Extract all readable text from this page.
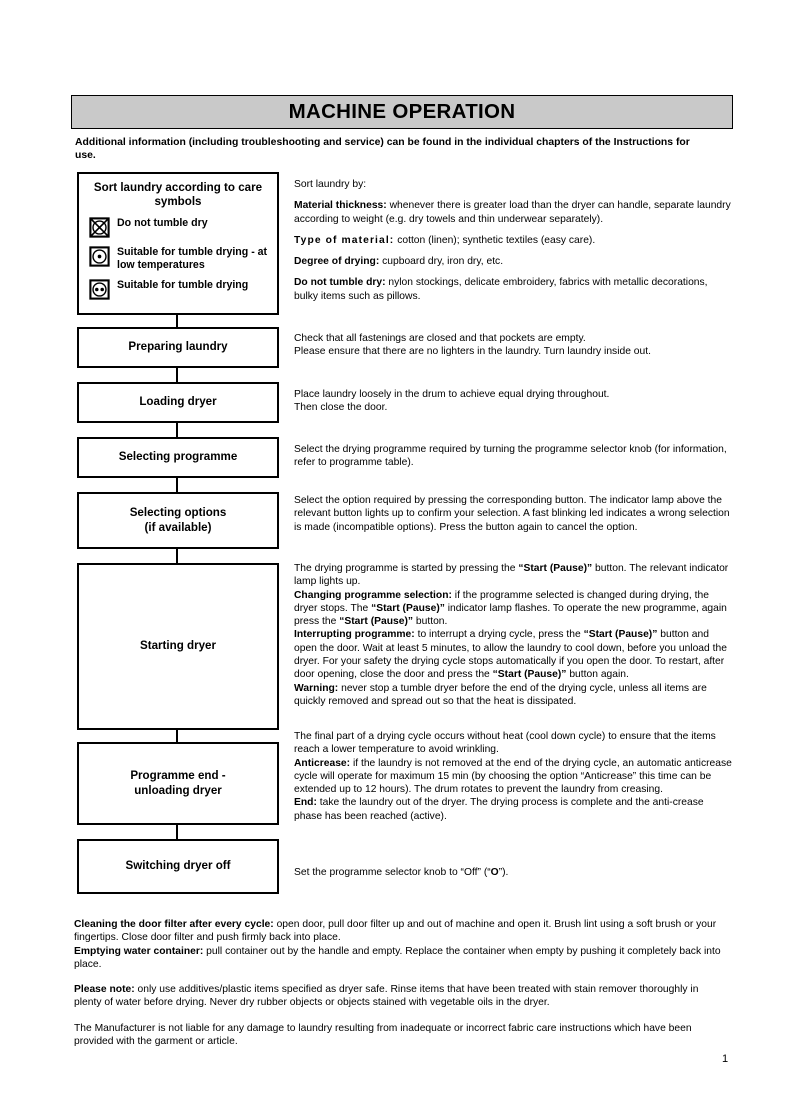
MACHINE OPERATION
Additional information (including troubleshooting and service) can be found in the individual chapters of the Instructions for use.
Sort laundry according to care symbols
Do not tumble dry
Suitable for tumble drying - at low temperatures
Suitable for tumble drying
Preparing laundry
Loading dryer
Selecting programme
Selecting options
(if available)
Starting dryer
Programme end -
unloading dryer
Switching dryer off

Sort laundry by:

Material thickness: whenever there is greater load than the dryer can handle, separate laundry according to weight (e.g. dry towels and thin underwear separately).

Type of material: cotton (linen); synthetic textiles (easy care).

Degree of drying: cupboard dry, iron dry, etc.

Do not tumble dry: nylon stockings, delicate embroidery, fabrics with metallic decorations, bulky items such as pillows.

Check that all fastenings are closed and that pockets are empty.

Please ensure that there are no lighters in the laundry. Turn laundry inside out.

Place laundry loosely in the drum to achieve equal drying throughout.

Then close the door.

Select the drying programme required by turning the programme selector knob (for information, refer to programme table).

Select the option required by pressing the corresponding button. The indicator lamp above the relevant button lights up to confirm your selection. A fast blinking led indicates a wrong selection is made (incompatible options). Press the button again to cancel the option.

The drying programme is started by pressing the “Start (Pause)” button. The relevant indicator lamp lights up.

Changing programme selection: if the programme selected is changed during drying, the dryer stops. The “Start (Pause)” indicator lamp flashes. To operate the new programme, again press the “Start (Pause)” button.

Interrupting programme: to interrupt a drying cycle, press the “Start (Pause)” button and open the door. Wait at least 5 minutes, to allow the laundry to cool down, before you unload the dryer. For your safety the drying cycle stops automatically if you open the door. To restart, after door opening, close the door and press the “Start (Pause)” button again.

Warning: never stop a tumble dryer before the end of the drying cycle, unless all items are quickly removed and spread out so that the heat is dissipated.

The final part of a drying cycle occurs without heat (cool down cycle) to ensure that the items reach a lower temperature to avoid wrinkling.

Anticrease: if the laundry is not removed at the end of the drying cycle, an automatic anticrease cycle will operate for maximum 15 min (by choosing the option “Anticrease” this time can be extended up to 12 hours). The drum rotates to prevent the laundry from creasing.

End: take the laundry out of the dryer. The drying process is complete and the anti-crease phase has been reached (active).

Set the programme selector knob to “Off” (“O”).

Cleaning the door filter after every cycle: open door, pull door filter up and out of machine and open it. Brush lint using a soft brush or your fingertips. Close door filter and push firmly back into place.

Emptying water container: pull container out by the handle and empty. Replace the container when empty by pushing it completely back into place.

Please note: only use additives/plastic items specified as dryer safe. Rinse items that have been treated with stain remover thoroughly in plenty of water before drying. Never dry rubber objects or objects stained with vegetable oils in the dryer.

The Manufacturer is not liable for any damage to laundry resulting from inadequate or incorrect fabric care instructions which have been provided with the garment or article.

1
